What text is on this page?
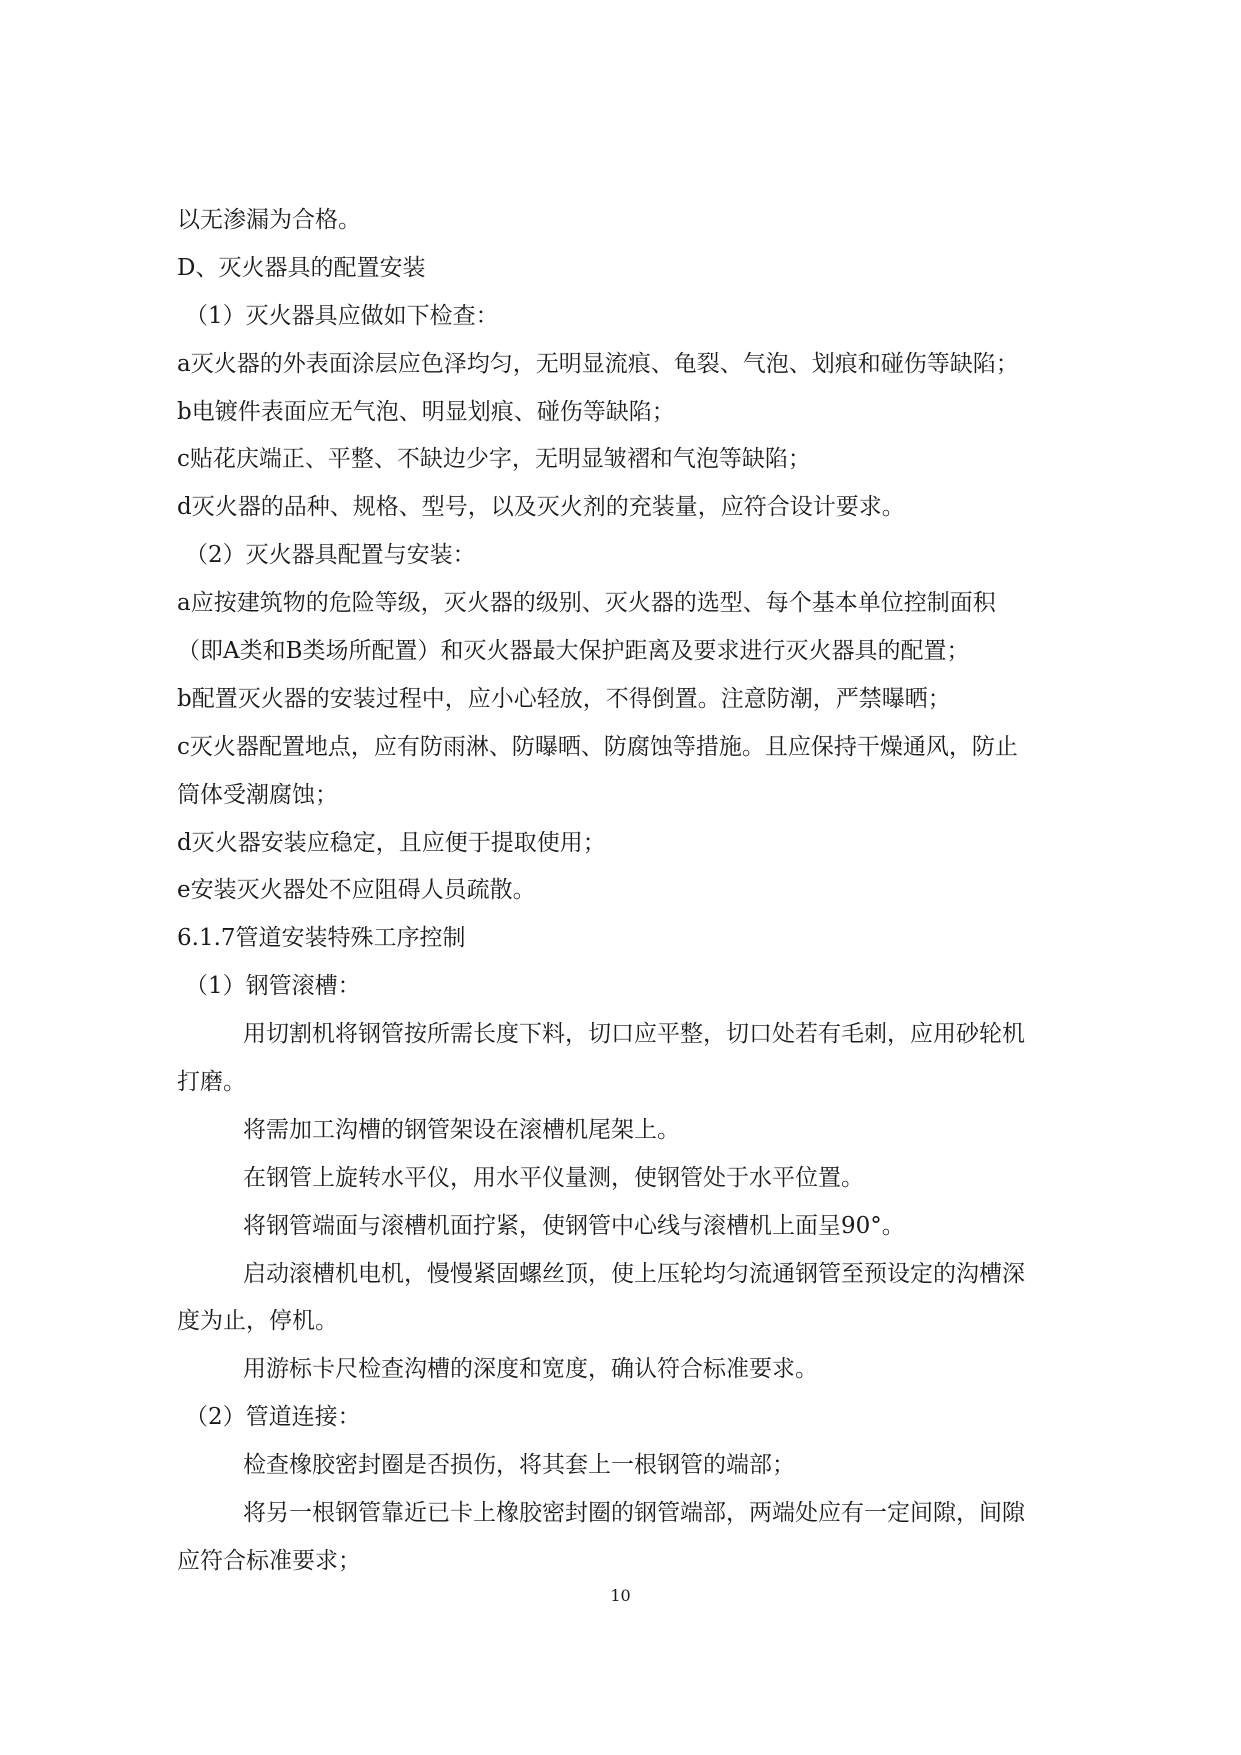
以无渗漏为合格。
D、灭火器具的配置安装
（1）灭火器具应做如下检查：
a灭火器的外表面涂层应色泽均匀，无明显流痕、龟裂、气泡、划痕和碰伤等缺陷；
b电镀件表面应无气泡、明显划痕、碰伤等缺陷；
c贴花庆端正、平整、不缺边少字，无明显皱褶和气泡等缺陷；
d灭火器的品种、规格、型号，以及灭火剂的充装量，应符合设计要求。
（2）灭火器具配置与安装：
a应按建筑物的危险等级，灭火器的级别、灭火器的选型、每个基本单位控制面积
（即A类和B类场所配置）和灭火器最大保护距离及要求进行灭火器具的配置；
b配置灭火器的安装过程中，应小心轻放，不得倒置。注意防潮，严禁曝晒；
c灭火器配置地点，应有防雨淋、防曝晒、防腐蚀等措施。且应保持干燥通风，防止
筒体受潮腐蚀；
d灭火器安装应稳定，且应便于提取使用；
e安装灭火器处不应阻碍人员疏散。
6.1.7管道安装特殊工序控制
（1）钢管滚槽：
用切割机将钢管按所需长度下料，切口应平整，切口处若有毛刺，应用砂轮机
打磨。
将需加工沟槽的钢管架设在滚槽机尾架上。
在钢管上旋转水平仪，用水平仪量测，使钢管处于水平位置。
将钢管端面与滚槽机面拧紧，使钢管中心线与滚槽机上面呈90°。
启动滚槽机电机，慢慢紧固螺丝顶，使上压轮均匀流通钢管至预设定的沟槽深
度为止，停机。
用游标卡尺检查沟槽的深度和宽度，确认符合标准要求。
（2）管道连接：
检查橡胶密封圈是否损伤，将其套上一根钢管的端部；
将另一根钢管靠近已卡上橡胶密封圈的钢管端部，两端处应有一定间隙，间隙
应符合标准要求；
10
